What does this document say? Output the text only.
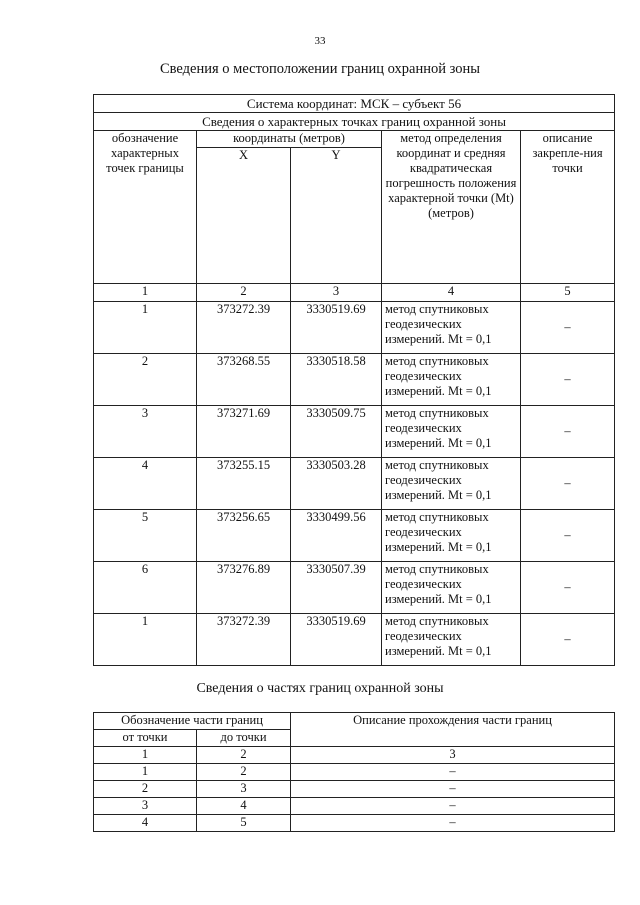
33
Сведения о местоположении границ охранной зоны
Система координат: МСК – субъект 56				
Сведения о характерных точках границ охранной зоны				
обозначение характерных точек границы	координаты (метров)		метод определения координат и средняя квадратическая погрешность положения характерной точки (Mt) (метров)	описание закрепле-ния точки
	X	Y		
1	2	3	4	5
1	373272.39	3330519.69	метод спутниковых геодезических измерений. Mt = 0,1	–
2	373268.55	3330518.58	метод спутниковых геодезических измерений. Mt = 0,1	–
3	373271.69	3330509.75	метод спутниковых геодезических измерений. Mt = 0,1	–
4	373255.15	3330503.28	метод спутниковых геодезических измерений. Mt = 0,1	–
5	373256.65	3330499.56	метод спутниковых геодезических измерений. Mt = 0,1	–
6	373276.89	3330507.39	метод спутниковых геодезических измерений. Mt = 0,1	–
1	373272.39	3330519.69	метод спутниковых геодезических измерений. Mt = 0,1	–
Сведения о частях границ охранной зоны
Обозначение части границ		Описание прохождения части границ
от точки	до точки	
1	2	3
1	2	–
2	3	–
3	4	–
4	5	–
